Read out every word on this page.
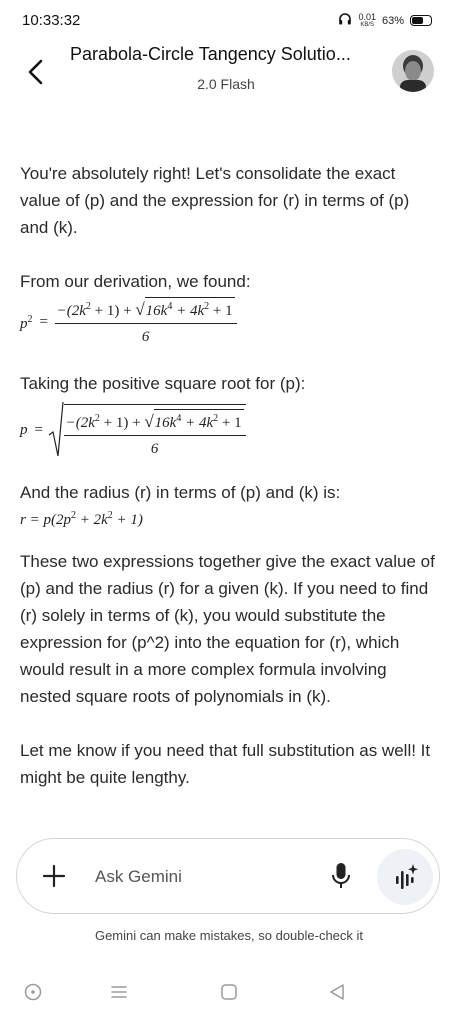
10:33:32	0.01
KB/S 63%
Parabola-Circle Tangency Solutio...
2.0 Flash

You're absolutely right! Let's consolidate the exact value of (p) and the expression for (r) in terms of (p) and (k).

From our derivation, we found:

$p^2 = \frac{-(2k^2 + 1) + √16k^4 + 4k^2 + 1}{6}$

Taking the positive square root for (p):

$p = \frac{-(2k^2 + 1) + √16k^4 + 4k^2 + 1}{6}$

And the radius (r) in terms of (p) and (k) is:

$r = p(2p^2 + 2k^2 + 1)$

These two expressions together give the exact value of (p) and the radius (r) for a given (k). If you need to find (r) solely in terms of (k), you would substitute the expression for (p^2) into the equation for (r), which would result in a more complex formula involving nested square roots of polynomials in (k).

Let me know if you need that full substitution as well! It might be quite lengthy.

Ask Gemini
Gemini can make mistakes, so double-check it
